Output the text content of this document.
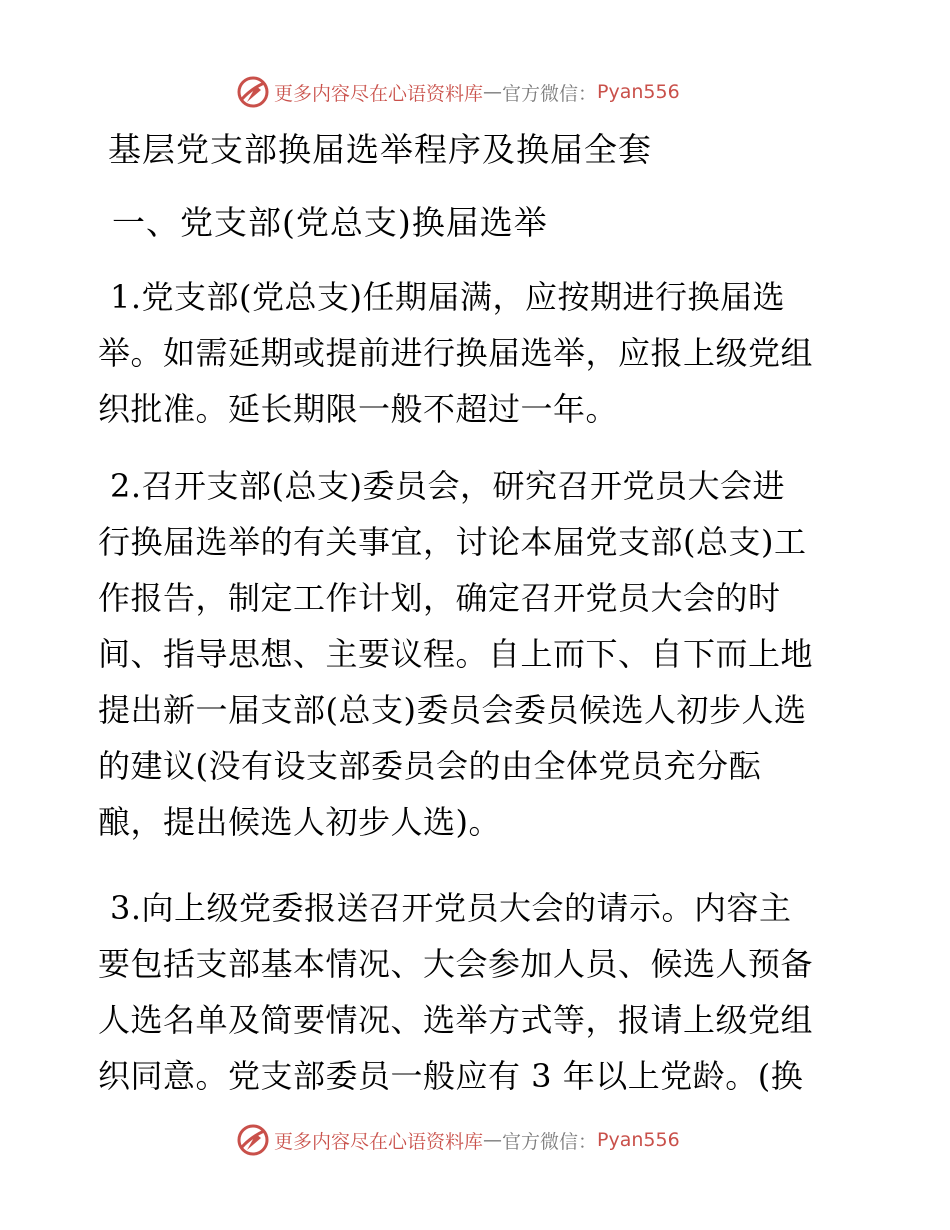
更多内容尽在心语资料库 — 官方微信： Pyan556
基层党支部换届选举程序及换届全套
一、党支部(党总支)换届选举

1.党支部(党总支)任期届满，应按期进行换届选
举。如需延期或提前进行换届选举，应报上级党组
织批准。延长期限一般不超过一年。

2.召开支部(总支)委员会，研究召开党员大会进
行换届选举的有关事宜，讨论本届党支部(总支)工
作报告，制定工作计划，确定召开党员大会的时
间、指导思想、主要议程。自上而下、自下而上地
提出新一届支部(总支)委员会委员候选人初步人选
的建议(没有设支部委员会的由全体党员充分酝
酿，提出候选人初步人选)。

3.向上级党委报送召开党员大会的请示。内容主
要包括支部基本情况、大会参加人员、候选人预备
人选名单及简要情况、选举方式等，报请上级党组
织同意。党支部委员一般应有 3 年以上党龄。(换

更多内容尽在心语资料库 — 官方微信： Pyan556
